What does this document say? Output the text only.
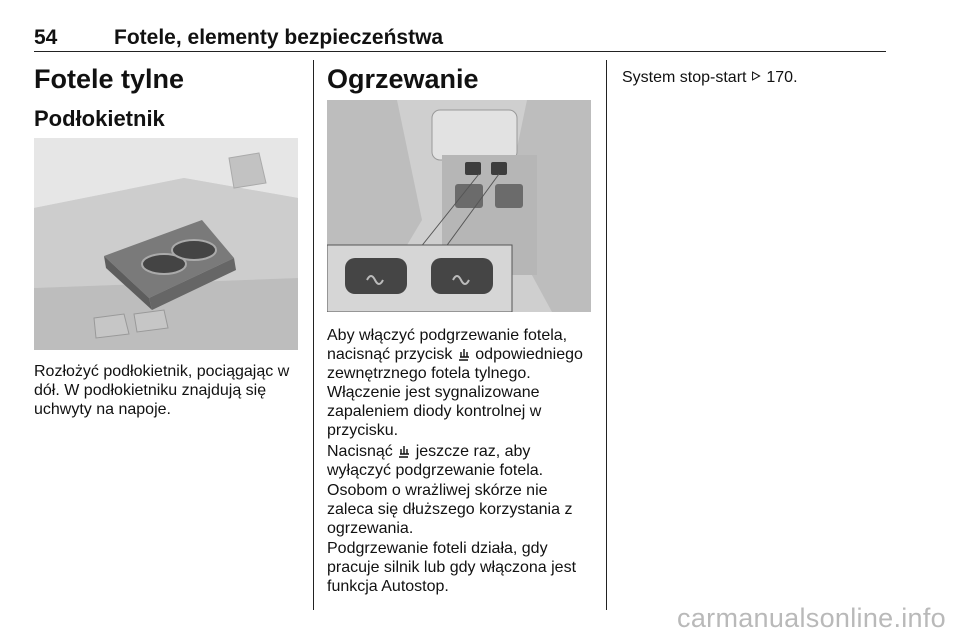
54	Fotele, elementy bezpieczeństwa
Fotele tylne
Podłokietnik

Rozłożyć podłokietnik, pociągając w
dół. W podłokietniku znajdują się
uchwyty na napoje.

Ogrzewanie

Aby włączyć podgrzewanie fotela,
nacisnąć przycisk  odpowiedniego
zewnętrznego fotela tylnego.
Włączenie jest sygnalizowane
zapaleniem diody kontrolnej w
przycisku.

Nacisnąć  jeszcze raz, aby
wyłączyć podgrzewanie fotela.

Osobom o wrażliwej skórze nie
zaleca się dłuższego korzystania z
ogrzewania.

Podgrzewanie foteli działa, gdy
pracuje silnik lub gdy włączona jest
funkcja Autostop.

System stop-start  170.

carmanualsonline.info
